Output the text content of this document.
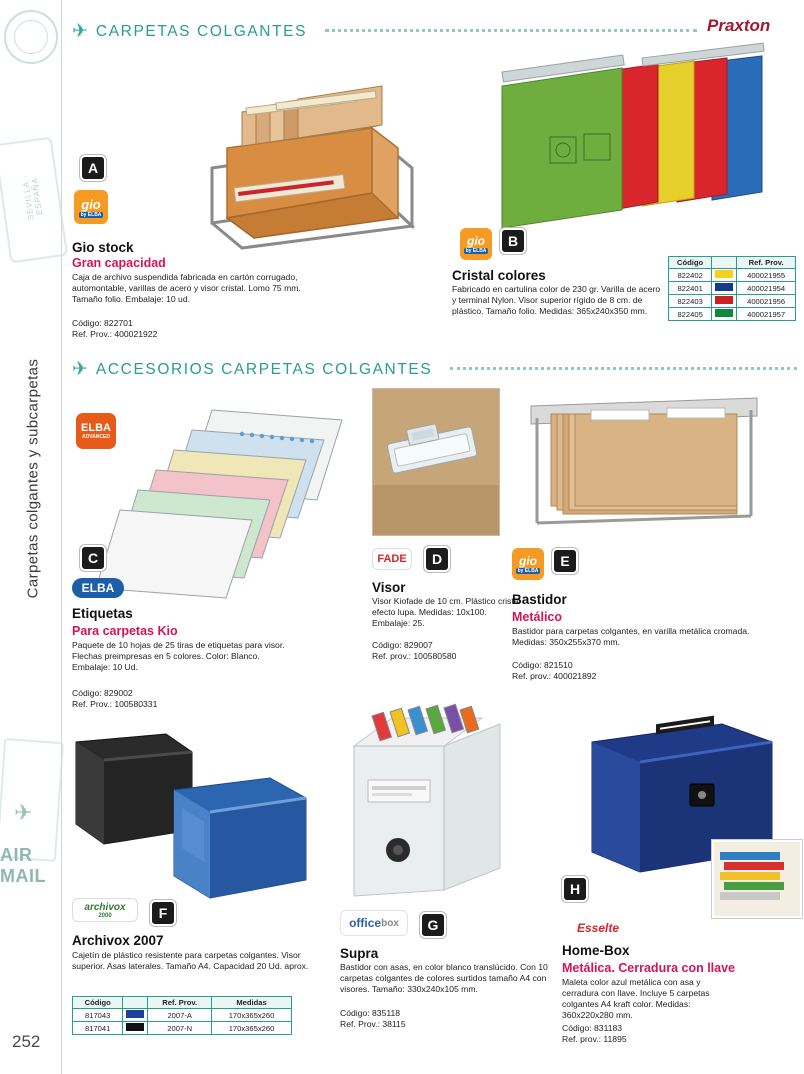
SEVILLA · ESPAÑA
✈
AIR MAIL
Carpetas colgantes y subcarpetas
252
✈ CARPETAS COLGANTES	Praxton
gio
by ELBA
A
Gio stock
Gran capacidad
Caja de archivo suspendida fabricada en cartón corrugado, automontable, varillas de acero y visor cristal. Lomo 75 mm. Tamaño folio. Embalaje: 10 ud.
Código: 822701
Ref. Prov.: 400021922
gio
by ELBA
B
Cristal colores
Fabricado en cartulina color de 230 gr. Varilla de acero y terminal Nylon. Visor superior rígido de 8 cm. de plástico. Tamaño folio. Medidas: 365x240x350 mm.
Código		Ref. Prov.
822402		400021955
822401		400021954
822403		400021956
822405		400021957
✈ ACCESORIOS CARPETAS COLGANTES
ELBA
ADVANCED
C
ELBA
Etiquetas
Para carpetas Kio
Paquete de 10 hojas de 25 tiras de etiquetas para visor. Flechas preimpresas en 5 colores. Color: Blanco. Embalaje: 10 Ud.
Código: 829002
Ref. Prov.: 100580331
FADE	D
Visor
Visor Kiofade de 10 cm. Plástico cristal efecto lupa. Medidas: 10x100. Embalaje: 25.
Código: 829007
Ref. prov.: 100580580
gio
by ELBA
E
Bastidor
Metálico
Bastidor para carpetas colgantes, en varilla metálica cromada. Medidas: 350x255x370 mm.
Código: 821510
Ref. prov.: 400021892
archivox
2000	F
Archivox 2007
Cajetín de plástico resistente para carpetas colgantes. Visor superior. Asas laterales. Tamaño A4. Capacidad 20 Ud. aprox.
Código		Ref. Prov.	Medidas
817043		2007-A	170x365x260
817041		2007-N	170x365x260
office box	G
Supra
Bastidor con asas, en color blanco translúcido. Con 10 carpetas colgantes de colores surtidos tamaño A4 con visores. Tamaño: 330x240x105 mm.
Código: 835118
Ref. Prov.: 38115
H
Esselte
Home-Box
Metálica. Cerradura con llave
Maleta color azul metálica con asa y cerradura con llave. Incluye 5 carpetas colgantes A4 kraft color. Medidas: 360x220x280 mm.
Código: 831183
Ref. prov.: 11895
